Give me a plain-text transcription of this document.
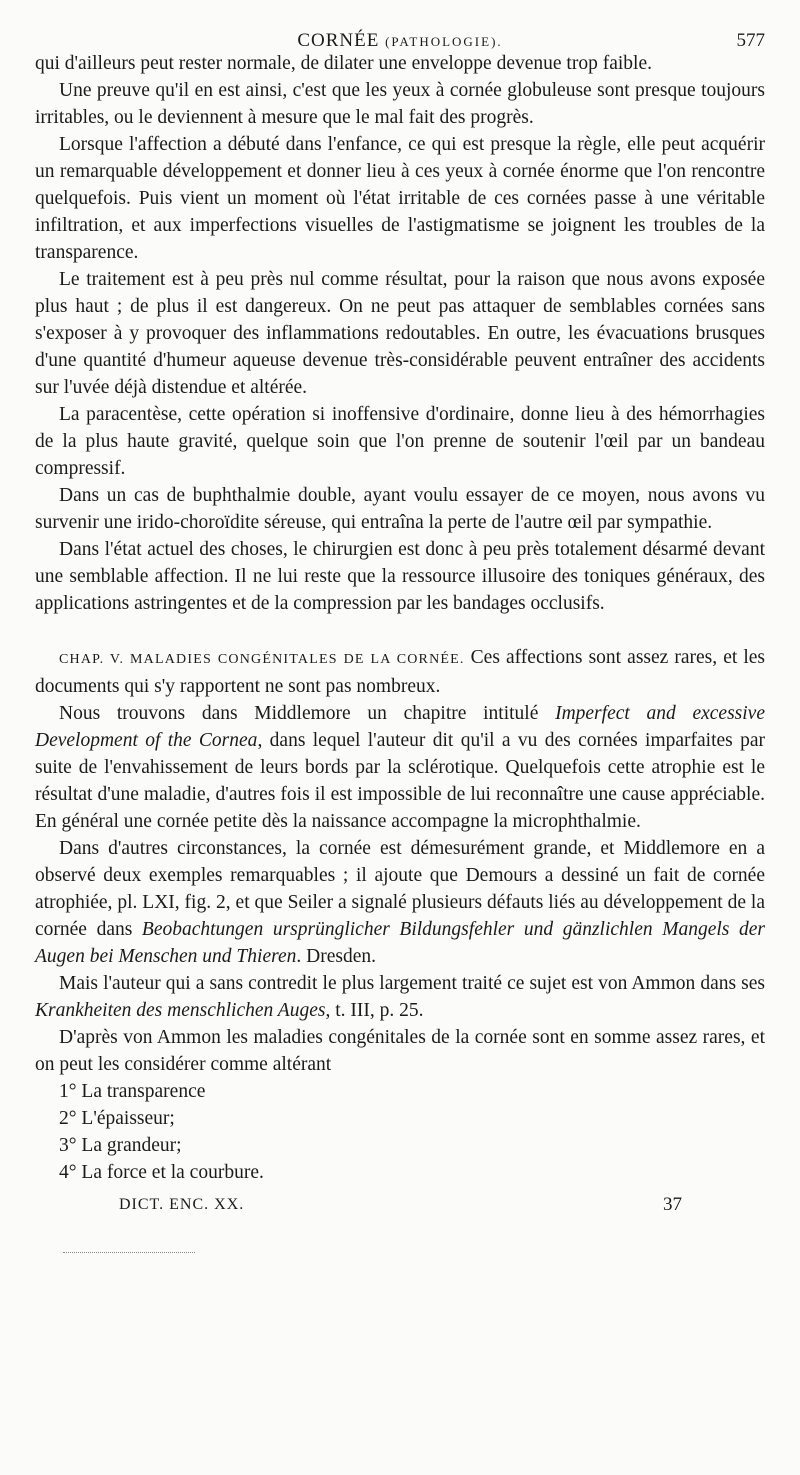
CORNÉE (PATHOLOGIE).	577

qui d'ailleurs peut rester normale, de dilater une enveloppe devenue trop faible.

Une preuve qu'il en est ainsi, c'est que les yeux à cornée globuleuse sont presque toujours irritables, ou le deviennent à mesure que le mal fait des progrès.

Lorsque l'affection a débuté dans l'enfance, ce qui est presque la règle, elle peut acquérir un remarquable développement et donner lieu à ces yeux à cornée énorme que l'on rencontre quelquefois. Puis vient un moment où l'état irritable de ces cornées passe à une véritable infiltration, et aux imperfections visuelles de l'astigmatisme se joignent les troubles de la transparence.

Le traitement est à peu près nul comme résultat, pour la raison que nous avons exposée plus haut ; de plus il est dangereux. On ne peut pas attaquer de semblables cornées sans s'exposer à y provoquer des inflammations redoutables. En outre, les évacuations brusques d'une quantité d'humeur aqueuse devenue très-considérable peuvent entraîner des accidents sur l'uvée déjà distendue et altérée.

La paracentèse, cette opération si inoffensive d'ordinaire, donne lieu à des hémorrhagies de la plus haute gravité, quelque soin que l'on prenne de soutenir l'œil par un bandeau compressif.

Dans un cas de buphthalmie double, ayant voulu essayer de ce moyen, nous avons vu survenir une irido-choroïdite séreuse, qui entraîna la perte de l'autre œil par sympathie.

Dans l'état actuel des choses, le chirurgien est donc à peu près totalement désarmé devant une semblable affection. Il ne lui reste que la ressource illusoire des toniques généraux, des applications astringentes et de la compression par les bandages occlusifs.

CHAP. V. MALADIES CONGÉNITALES DE LA CORNÉE. Ces affections sont assez rares, et les documents qui s'y rapportent ne sont pas nombreux.

Nous trouvons dans Middlemore un chapitre intitulé Imperfect and excessive Development of the Cornea, dans lequel l'auteur dit qu'il a vu des cornées imparfaites par suite de l'envahissement de leurs bords par la sclérotique. Quelquefois cette atrophie est le résultat d'une maladie, d'autres fois il est impossible de lui reconnaître une cause appréciable. En général une cornée petite dès la naissance accompagne la microphthalmie.

Dans d'autres circonstances, la cornée est démesurément grande, et Middlemore en a observé deux exemples remarquables ; il ajoute que Demours a dessiné un fait de cornée atrophiée, pl. LXI, fig. 2, et que Seiler a signalé plusieurs défauts liés au développement de la cornée dans Beobachtungen ursprünglicher Bildungsfehler und gänzlichlen Mangels der Augen bei Menschen und Thieren. Dresden.

Mais l'auteur qui a sans contredit le plus largement traité ce sujet est von Ammon dans ses Krankheiten des menschlichen Auges, t. III, p. 25.

D'après von Ammon les maladies congénitales de la cornée sont en somme assez rares, et on peut les considérer comme altérant

1° La transparence
2° L'épaisseur;
3° La grandeur;
4° La force et la courbure.
DICT. ENC. XX.	37
